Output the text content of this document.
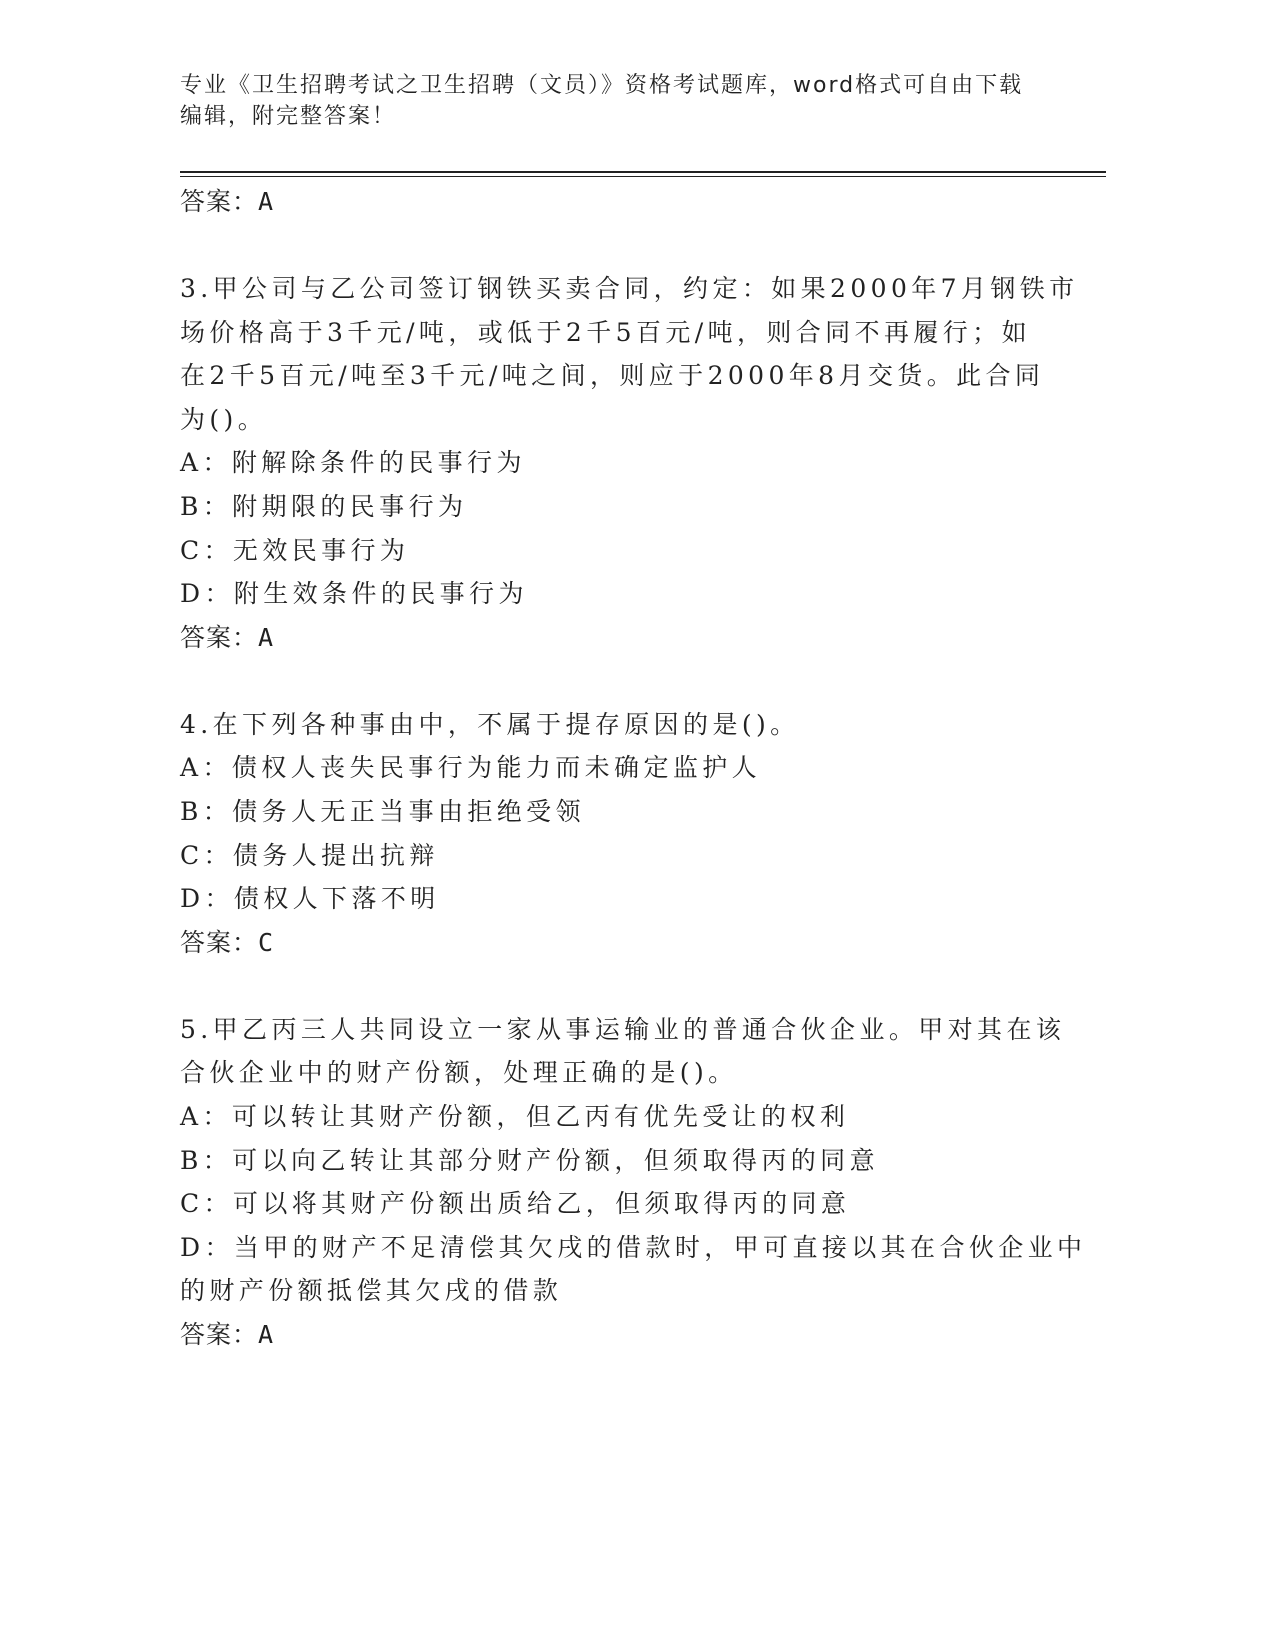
专业《卫生招聘考试之卫生招聘（文员）》资格考试题库，word格式可自由下载
编辑，附完整答案！
答案：A
3.甲公司与乙公司签订钢铁买卖合同，约定：如果2000年7月钢铁市
场价格高于3千元/吨，或低于2千5百元/吨，则合同不再履行；如
在2千5百元/吨至3千元/吨之间，则应于2000年8月交货。此合同
为()。
A：附解除条件的民事行为
B：附期限的民事行为
C：无效民事行为
D：附生效条件的民事行为
答案：A
4.在下列各种事由中，不属于提存原因的是()。
A：债权人丧失民事行为能力而未确定监护人
B：债务人无正当事由拒绝受领
C：债务人提出抗辩
D：债权人下落不明
答案：C
5.甲乙丙三人共同设立一家从事运输业的普通合伙企业。甲对其在该
合伙企业中的财产份额，处理正确的是()。
A：可以转让其财产份额，但乙丙有优先受让的权利
B：可以向乙转让其部分财产份额，但须取得丙的同意
C：可以将其财产份额出质给乙，但须取得丙的同意
D：当甲的财产不足清偿其欠戌的借款时，甲可直接以其在合伙企业中
的财产份额抵偿其欠戌的借款
答案：A
